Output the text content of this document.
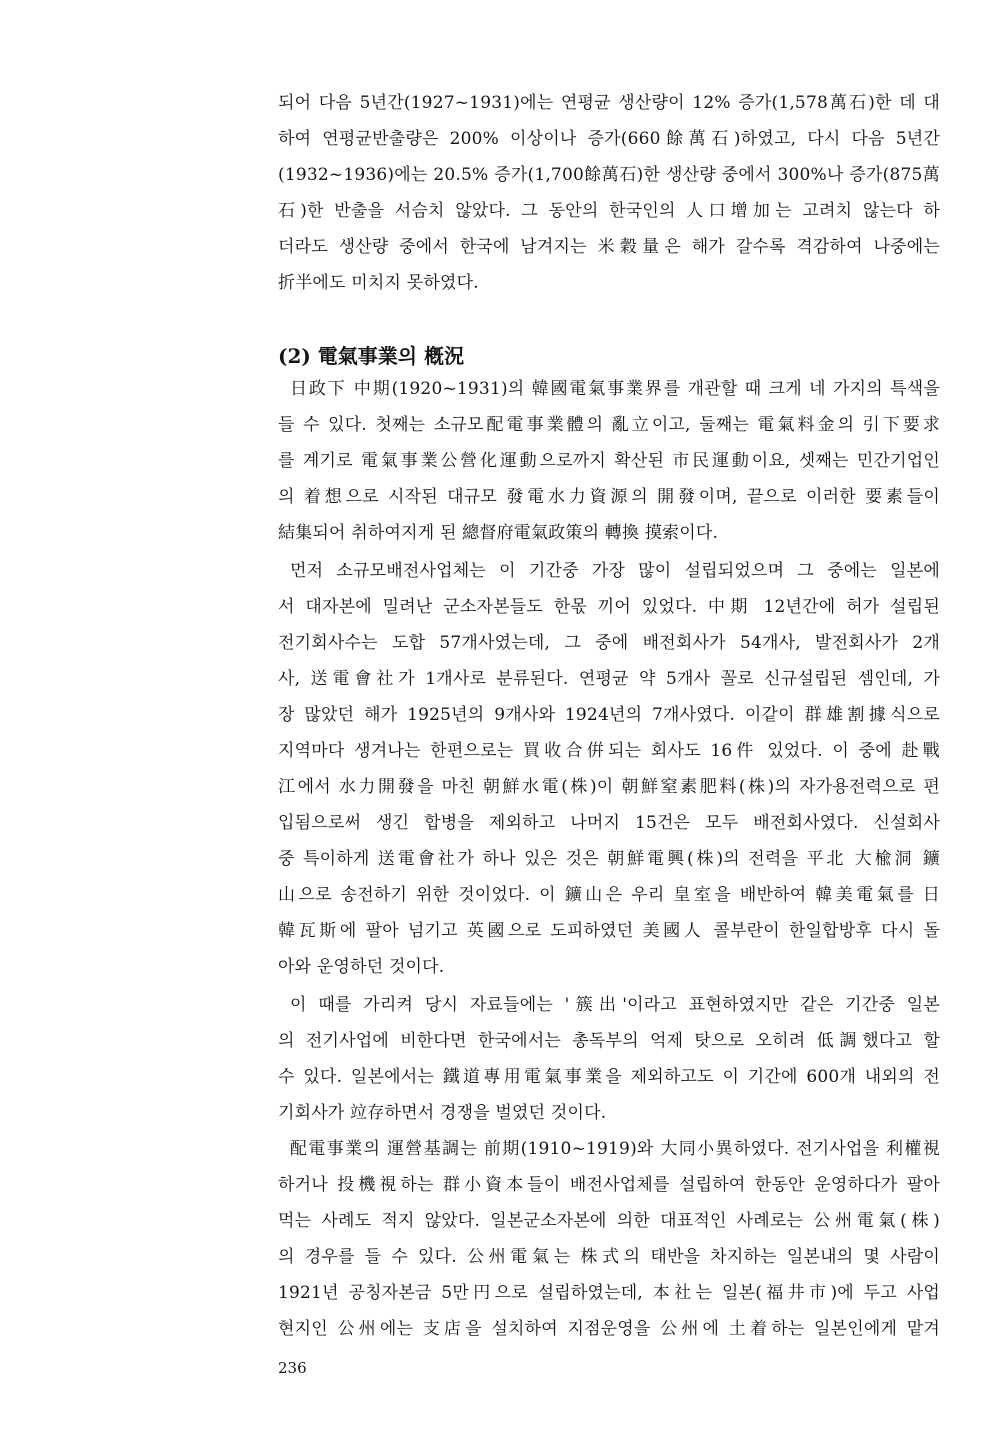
되어 다음 5년간(1927~1931)에는 연평균 생산량이 12% 증가(1,578萬石)한 데 대
하여 연평균반출량은 200% 이상이나 증가(660餘萬石)하였고, 다시 다음 5년간
(1932~1936)에는 20.5% 증가(1,700餘萬石)한 생산량 중에서 300%나 증가(875萬
石)한 반출을 서슴치 않았다. 그 동안의 한국인의 人口增加는 고려치 않는다 하
더라도 생산량 중에서 한국에 남겨지는 米穀量은 해가 갈수록 격감하여 나중에는
折半에도 미치지 못하였다.
(2) 電氣事業의 槪況
日政下 中期(1920~1931)의 韓國電氣事業界를 개관할 때 크게 네 가지의 특색을
들 수 있다. 첫째는 소규모配電事業體의 亂立이고, 둘째는 電氣料金의 引下要求
를 계기로 電氣事業公營化運動으로까지 확산된 市民運動이요, 셋째는 민간기업인
의 着想으로 시작된 대규모 發電水力資源의 開發이며, 끝으로 이러한 要素들이
結集되어 취하여지게 된 總督府電氣政策의 轉換 摸索이다.
먼저 소규모배전사업체는 이 기간중 가장 많이 설립되었으며 그 중에는 일본에
서 대자본에 밀려난 군소자본들도 한몫 끼어 있었다. 中期 12년간에 허가 설립된
전기회사수는 도합 57개사였는데, 그 중에 배전회사가 54개사, 발전회사가 2개
사, 送電會社가 1개사로 분류된다. 연평균 약 5개사 꼴로 신규설립된 셈인데, 가
장 많았던 해가 1925년의 9개사와 1924년의 7개사였다. 이같이 群雄割據식으로
지역마다 생겨나는 한편으로는 買收合倂되는 회사도 16件 있었다. 이 중에 赴戰
江에서 水力開發을 마친 朝鮮水電(株)이 朝鮮窒素肥料(株)의 자가용전력으로 편
입됨으로써 생긴 합병을 제외하고 나머지 15건은 모두 배전회사였다. 신설회사
중 특이하게 送電會社가 하나 있은 것은 朝鮮電興(株)의 전력을 平北 大楡洞 鑛
山으로 송전하기 위한 것이었다. 이 鑛山은 우리 皇室을 배반하여 韓美電氣를 日
韓瓦斯에 팔아 넘기고 英國으로 도피하였던 美國人 콜부란이 한일합방후 다시 돌
아와 운영하던 것이다.
이 때를 가리켜 당시 자료들에는 '簇出'이라고 표현하였지만 같은 기간중 일본
의 전기사업에 비한다면 한국에서는 총독부의 억제 탓으로 오히려 低調했다고 할
수 있다. 일본에서는 鐵道專用電氣事業을 제외하고도 이 기간에 600개 내외의 전
기회사가 竝存하면서 경쟁을 벌였던 것이다.
配電事業의 運營基調는 前期(1910~1919)와 大同小異하였다. 전기사업을 利權視
하거나 投機視하는 群小資本들이 배전사업체를 설립하여 한동안 운영하다가 팔아
먹는 사례도 적지 않았다. 일본군소자본에 의한 대표적인 사례로는 公州電氣(株)
의 경우를 들 수 있다. 公州電氣는 株式의 태반을 차지하는 일본내의 몇 사람이
1921년 공칭자본금 5만円으로 설립하였는데, 本社는 일본(福井市)에 두고 사업
현지인 公州에는 支店을 설치하여 지점운영을 公州에 土着하는 일본인에게 맡겨
236
